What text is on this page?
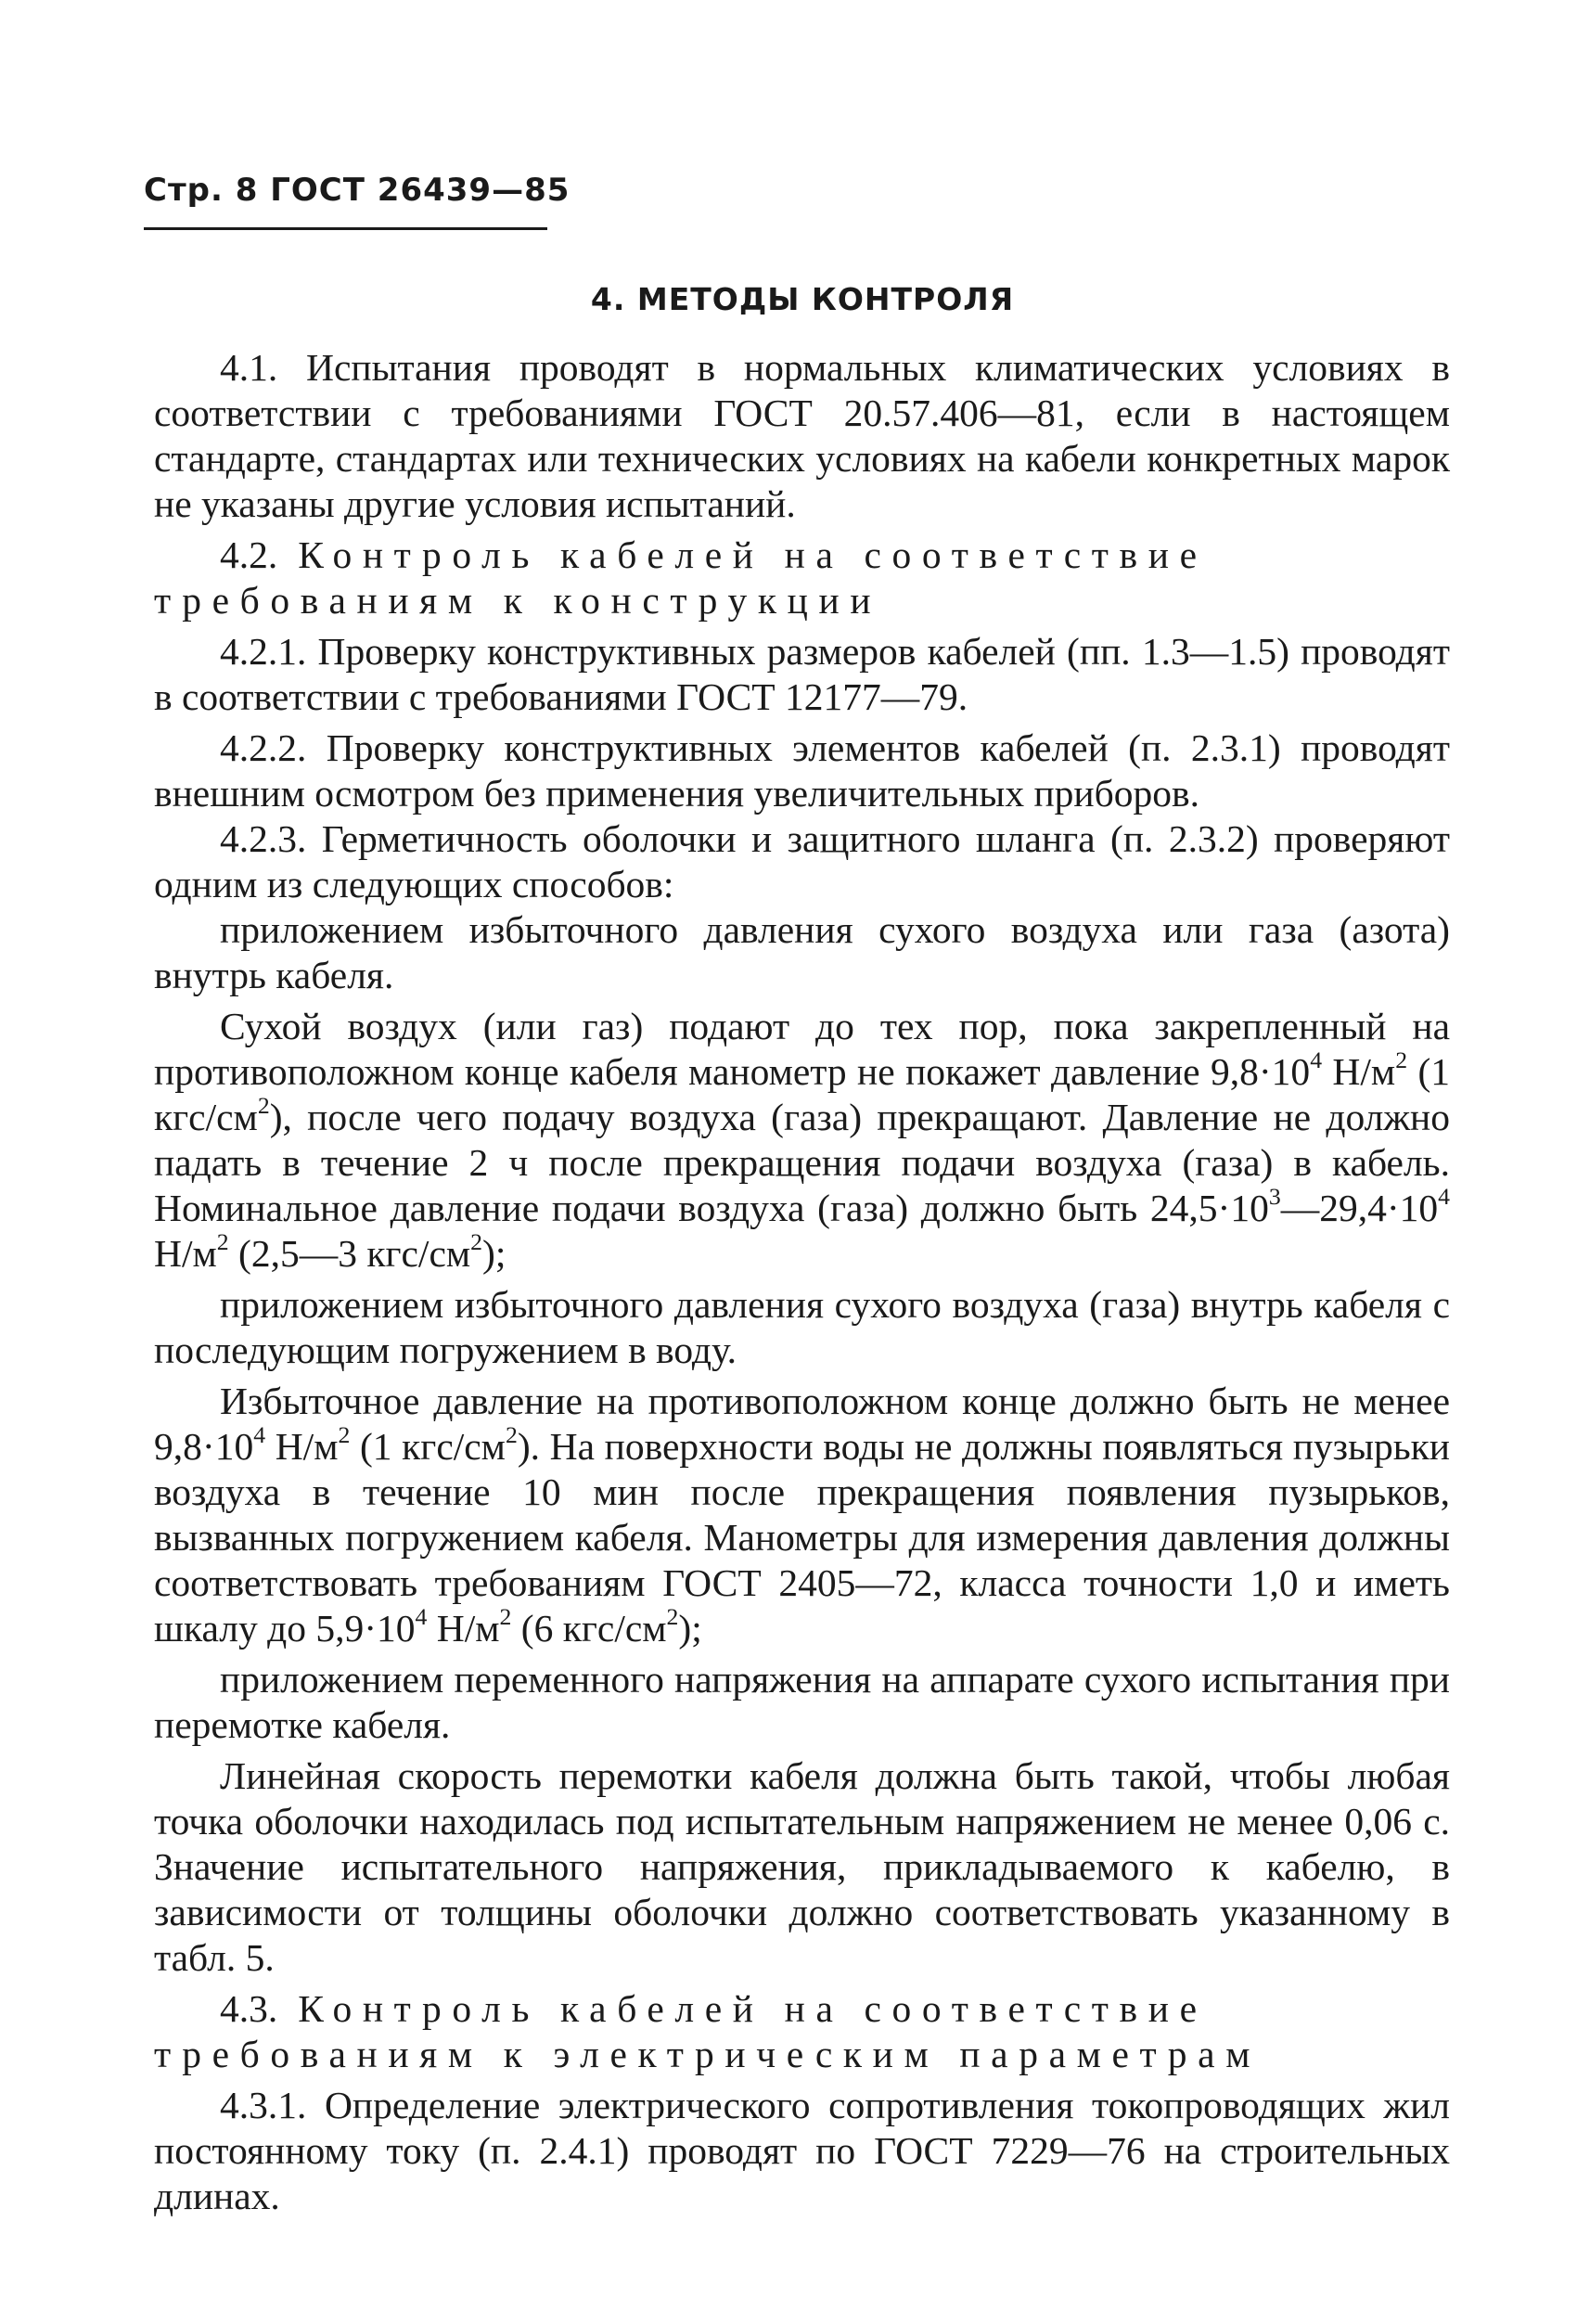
Стр. 8 ГОСТ 26439—85
4. МЕТОДЫ КОНТРОЛЯ

4.1. Испытания проводят в нормальных климатических условиях в соответствии с требованиями ГОСТ 20.57.406—81, если в настоящем стандарте, стандартах или технических условиях на кабели конкретных марок не указаны другие условия испытаний.

4.2. Контроль кабелей на соответствие требованиям к конструкции

4.2.1. Проверку конструктивных размеров кабелей (пп. 1.3—1.5) проводят в соответствии с требованиями ГОСТ 12177—79.

4.2.2. Проверку конструктивных элементов кабелей (п. 2.3.1) проводят внешним осмотром без применения увеличительных приборов.

4.2.3. Герметичность оболочки и защитного шланга (п. 2.3.2) проверяют одним из следующих способов:

приложением избыточного давления сухого воздуха или газа (азота) внутрь кабеля.

Сухой воздух (или газ) подают до тех пор, пока закрепленный на противоположном конце кабеля манометр не покажет давление $9,8\cdot 10^4$ $Н/м^2$ (1 кгс/$см^2$), после чего подачу воздуха (газа) прекращают. Давление не должно падать в течение 2 ч после прекращения подачи воздуха (газа) в кабель. Номинальное давление подачи воздуха (газа) должно быть $24,5\cdot 10^3—29,4\cdot 10^4$ $Н/м^2$ (2,5—3 кгс/$см^2$);

приложением избыточного давления сухого воздуха (газа) внутрь кабеля с последующим погружением в воду.

Избыточное давление на противоположном конце должно быть не менее $9,8\cdot 10^4$ $Н/м^2$ (1 кгс/$см^2$). На поверхности воды не должны появляться пузырьки воздуха в течение 10 мин после прекращения появления пузырьков, вызванных погружением кабеля. Манометры для измерения давления должны соответствовать требованиям ГОСТ 2405—72, класса точности 1,0 и иметь шкалу до $5,9\cdot 10^4$ $Н/м^2$ (6 кгс/$см^2$);

приложением переменного напряжения на аппарате сухого испытания при перемотке кабеля.

Линейная скорость перемотки кабеля должна быть такой, чтобы любая точка оболочки находилась под испытательным напряжением не менее 0,06 с. Значение испытательного напряжения, прикладываемого к кабелю, в зависимости от толщины оболочки должно соответствовать указанному в табл. 5.

4.3. Контроль кабелей на соответствие требованиям к электрическим параметрам

4.3.1. Определение электрического сопротивления токопроводящих жил постоянному току (п. 2.4.1) проводят по ГОСТ 7229—76 на строительных длинах.
